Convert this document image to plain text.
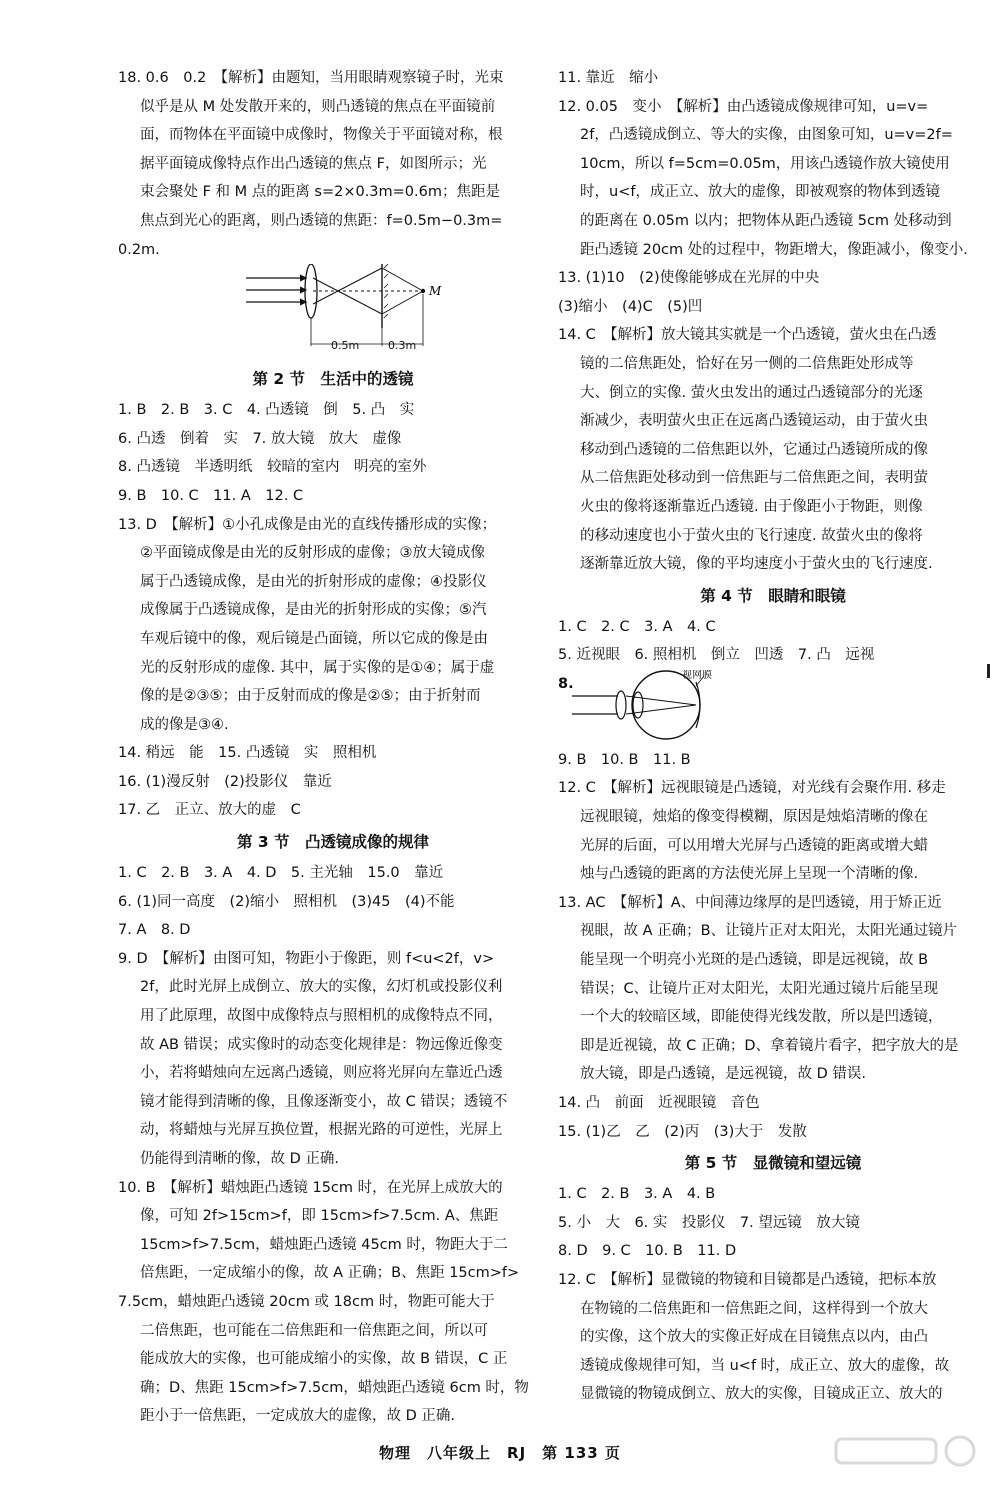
18. 0.6　0.2　【解析】由题知，当用眼睛观察镜子时，光束
似乎是从 M 处发散开来的，则凸透镜的焦点在平面镜前
面，而物体在平面镜中成像时，物像关于平面镜对称，根
据平面镜成像特点作出凸透镜的焦点 F，如图所示；光
束会聚处 F 和 M 点的距离 s=2×0.3m=0.6m；焦距是
焦点到光心的距离，则凸透镜的焦距：f=0.5m−0.3m=
0.2m.
M
0.5m	0.3m
第 2 节　生活中的透镜
1. B　2. B　3. C　4. 凸透镜　倒　5. 凸　实
6. 凸透　倒着　实　7. 放大镜　放大　虚像
8. 凸透镜　半透明纸　较暗的室内　明亮的室外
9. B　10. C　11. A　12. C
13. D　【解析】①小孔成像是由光的直线传播形成的实像；
②平面镜成像是由光的反射形成的虚像；③放大镜成像
属于凸透镜成像，是由光的折射形成的虚像；④投影仪
成像属于凸透镜成像，是由光的折射形成的实像；⑤汽
车观后镜中的像，观后镜是凸面镜，所以它成的像是由
光的反射形成的虚像. 其中，属于实像的是①④；属于虚
像的是②③⑤；由于反射而成的像是②⑤；由于折射而
成的像是③④.
14. 稍远　能　15. 凸透镜　实　照相机
16. (1)漫反射　(2)投影仪　靠近
17. 乙　正立、放大的虚　C
第 3 节　凸透镜成像的规律
1. C　2. B　3. A　4. D　5. 主光轴　15.0　靠近
6. (1)同一高度　(2)缩小　照相机　(3)45　(4)不能
7. A　8. D
9. D　【解析】由图可知，物距小于像距，则 f<u<2f，v>
2f，此时光屏上成倒立、放大的实像，幻灯机或投影仪利
用了此原理，故图中成像特点与照相机的成像特点不同，
故 AB 错误；成实像时的动态变化规律是：物远像近像变
小，若将蜡烛向左远离凸透镜，则应将光屏向左靠近凸透
镜才能得到清晰的像，且像逐渐变小，故 C 错误；透镜不
动，将蜡烛与光屏互换位置，根据光路的可逆性，光屏上
仍能得到清晰的像，故 D 正确.
10. B　【解析】蜡烛距凸透镜 15cm 时，在光屏上成放大的
像，可知 2f>15cm>f，即 15cm>f>7.5cm. A、焦距
15cm>f>7.5cm，蜡烛距凸透镜 45cm 时，物距大于二
倍焦距，一定成缩小的像，故 A 正确；B、焦距 15cm>f>
7.5cm，蜡烛距凸透镜 20cm 或 18cm 时，物距可能大于
二倍焦距，也可能在二倍焦距和一倍焦距之间，所以可
能成放大的实像，也可能成缩小的实像，故 B 错误，C 正
确；D、焦距 15cm>f>7.5cm，蜡烛距凸透镜 6cm 时，物
距小于一倍焦距，一定成放大的虚像，故 D 正确.
11. 靠近　缩小
12. 0.05　变小　【解析】由凸透镜成像规律可知，u=v=
2f，凸透镜成倒立、等大的实像，由图象可知，u=v=2f=
10cm，所以 f=5cm=0.05m，用该凸透镜作放大镜使用
时，u<f，成正立、放大的虚像，即被观察的物体到透镜
的距离在 0.05m 以内；把物体从距凸透镜 5cm 处移动到
距凸透镜 20cm 处的过程中，物距增大，像距减小，像变小.
13. (1)10　(2)使像能够成在光屏的中央
(3)缩小　(4)C　(5)凹
14. C　【解析】放大镜其实就是一个凸透镜，萤火虫在凸透
镜的二倍焦距处，恰好在另一侧的二倍焦距处形成等
大、倒立的实像. 萤火虫发出的通过凸透镜部分的光逐
渐减少，表明萤火虫正在远离凸透镜运动，由于萤火虫
移动到凸透镜的二倍焦距以外，它通过凸透镜所成的像
从二倍焦距处移动到一倍焦距与二倍焦距之间，表明萤
火虫的像将逐渐靠近凸透镜. 由于像距小于物距，则像
的移动速度也小于萤火虫的飞行速度. 故萤火虫的像将
逐渐靠近放大镜，像的平均速度小于萤火虫的飞行速度.
第 4 节　眼睛和眼镜
1. C　2. C　3. A　4. C
5. 近视眼　6. 照相机　倒立　凹透　7. 凸　远视
8.
视网膜
9. B　10. B　11. B
12. C　【解析】远视眼镜是凸透镜，对光线有会聚作用. 移走
远视眼镜，烛焰的像变得模糊，原因是烛焰清晰的像在
光屏的后面，可以用增大光屏与凸透镜的距离或增大蜡
烛与凸透镜的距离的方法使光屏上呈现一个清晰的像.
13. AC　【解析】A、中间薄边缘厚的是凹透镜，用于矫正近
视眼，故 A 正确；B、让镜片正对太阳光，太阳光通过镜片
能呈现一个明亮小光斑的是凸透镜，即是远视镜，故 B
错误；C、让镜片正对太阳光，太阳光通过镜片后能呈现
一个大的较暗区域，即能使得光线发散，所以是凹透镜，
即是近视镜，故 C 正确；D、拿着镜片看字，把字放大的是
放大镜，即是凸透镜，是远视镜，故 D 错误.
14. 凸　前面　近视眼镜　音色
15. (1)乙　乙　(2)丙　(3)大于　发散
第 5 节　显微镜和望远镜
1. C　2. B　3. A　4. B
5. 小　大　6. 实　投影仪　7. 望远镜　放大镜
8. D　9. C　10. B　11. D
12. C　【解析】显微镜的物镜和目镜都是凸透镜，把标本放
在物镜的二倍焦距和一倍焦距之间，这样得到一个放大
的实像，这个放大的实像正好成在目镜焦点以内，由凸
透镜成像规律可知，当 u<f 时，成正立、放大的虚像，故
显微镜的物镜成倒立、放大的实像，目镜成正立、放大的
物理　八年级上　RJ　第 133 页
